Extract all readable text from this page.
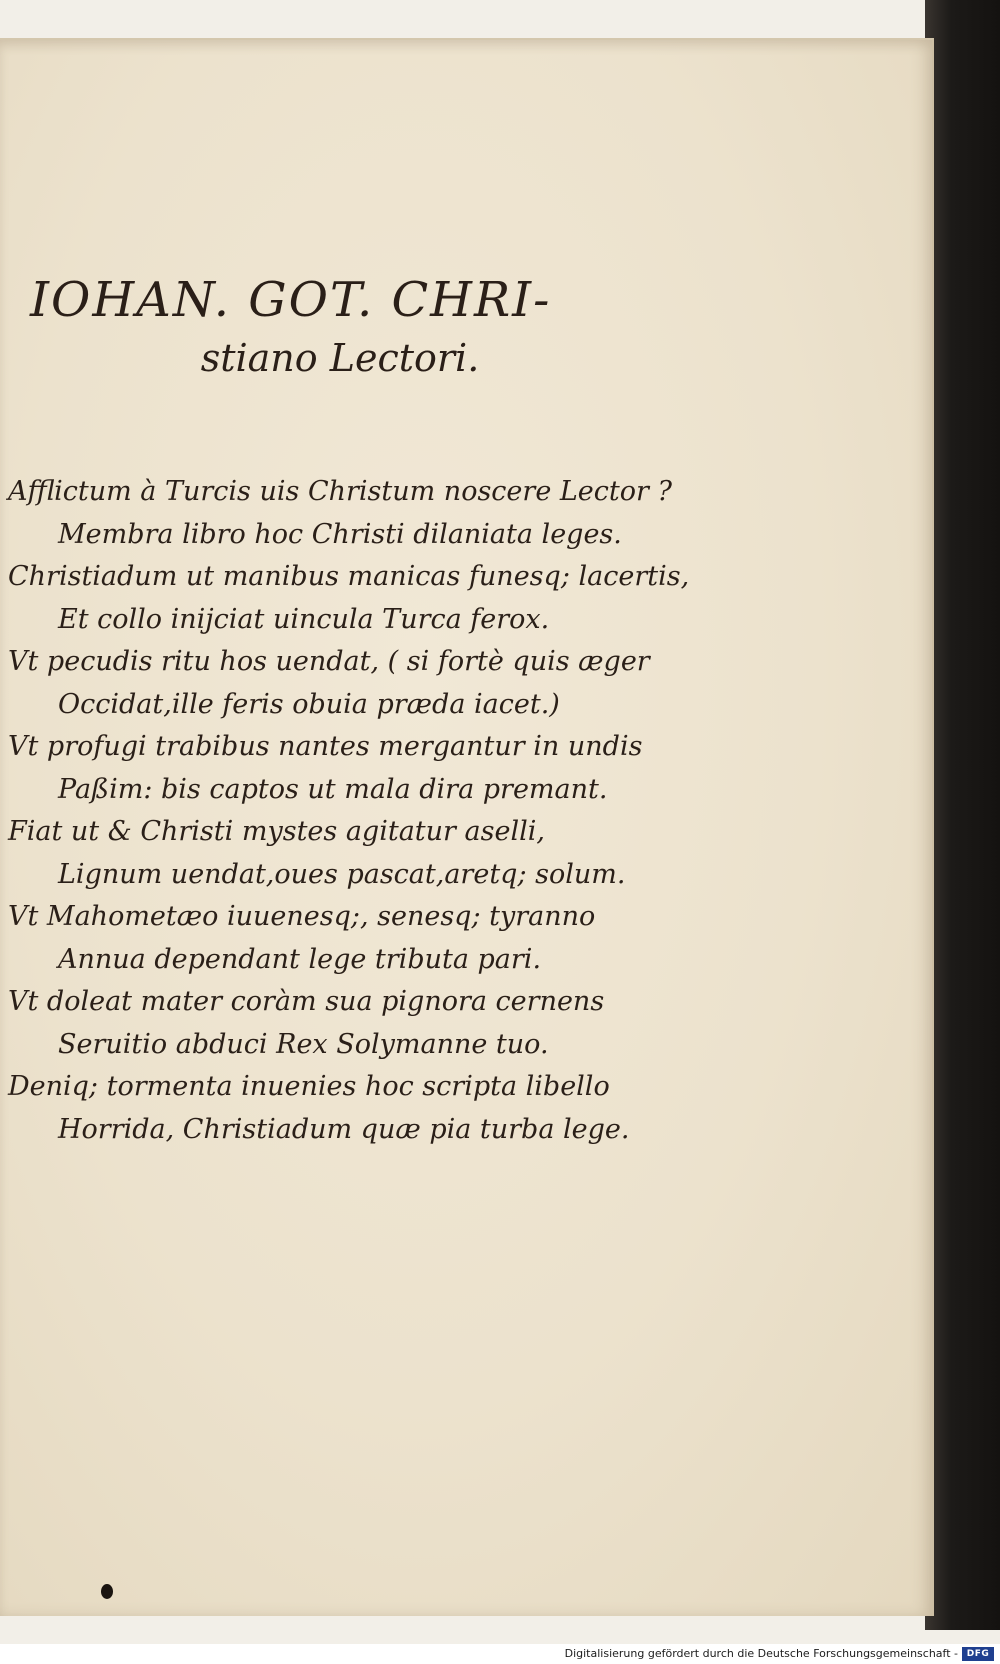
IOHAN. GOT. CHRI-
stiano Lectori.
Afflictum à Turcis uis Christum noscere Lector ?
Membra libro hoc Christi dilaniata leges.
Christiadum ut manibus manicas funesq; lacertis,
Et collo inijciat uincula Turca ferox.
Vt pecudis ritu hos uendat, ( si fortè quis æger
Occidat,ille feris obuia præda iacet.)
Vt profugi trabibus nantes mergantur in undis
Paßim: bis captos ut mala dira premant.
Fiat ut & Christi mystes agitatur aselli,
Lignum uendat,oues pascat,aretq; solum.
Vt Mahometæo iuuenesq;, senesq; tyranno
Annua dependant lege tributa pari.
Vt doleat mater coràm sua pignora cernens
Seruitio abduci Rex Solymanne tuo.
Deniq; tormenta inuenies hoc scripta libello
Horrida, Christiadum quæ pia turba lege.
Digitalisierung gefördert durch die Deutsche Forschungsgemeinschaft - DFG
